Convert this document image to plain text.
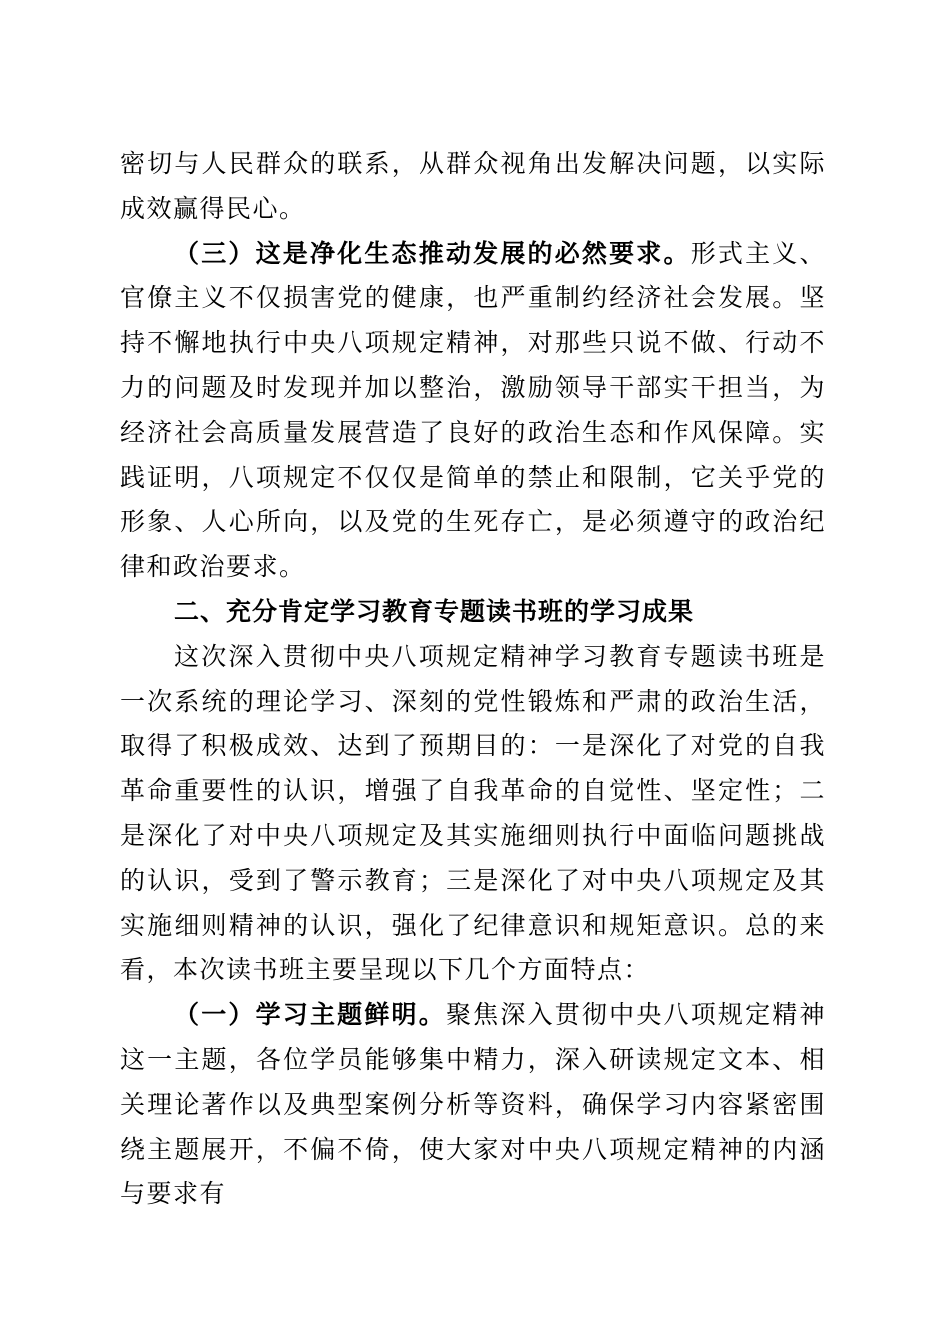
密切与人民群众的联系，从群众视角出发解决问题，以实际成效赢得民心。

（三）这是净化生态推动发展的必然要求。形式主义、官僚主义不仅损害党的健康，也严重制约经济社会发展。坚持不懈地执行中央八项规定精神，对那些只说不做、行动不力的问题及时发现并加以整治，激励领导干部实干担当，为经济社会高质量发展营造了良好的政治生态和作风保障。实践证明，八项规定不仅仅是简单的禁止和限制，它关乎党的形象、人心所向，以及党的生死存亡，是必须遵守的政治纪律和政治要求。

二、充分肯定学习教育专题读书班的学习成果

这次深入贯彻中央八项规定精神学习教育专题读书班是一次系统的理论学习、深刻的党性锻炼和严肃的政治生活，取得了积极成效、达到了预期目的：一是深化了对党的自我革命重要性的认识，增强了自我革命的自觉性、坚定性；二是深化了对中央八项规定及其实施细则执行中面临问题挑战的认识，受到了警示教育；三是深化了对中央八项规定及其实施细则精神的认识，强化了纪律意识和规矩意识。总的来看，本次读书班主要呈现以下几个方面特点：

（一）学习主题鲜明。聚焦深入贯彻中央八项规定精神这一主题，各位学员能够集中精力，深入研读规定文本、相关理论著作以及典型案例分析等资料，确保学习内容紧密围绕主题展开，不偏不倚，使大家对中央八项规定精神的内涵与要求有
